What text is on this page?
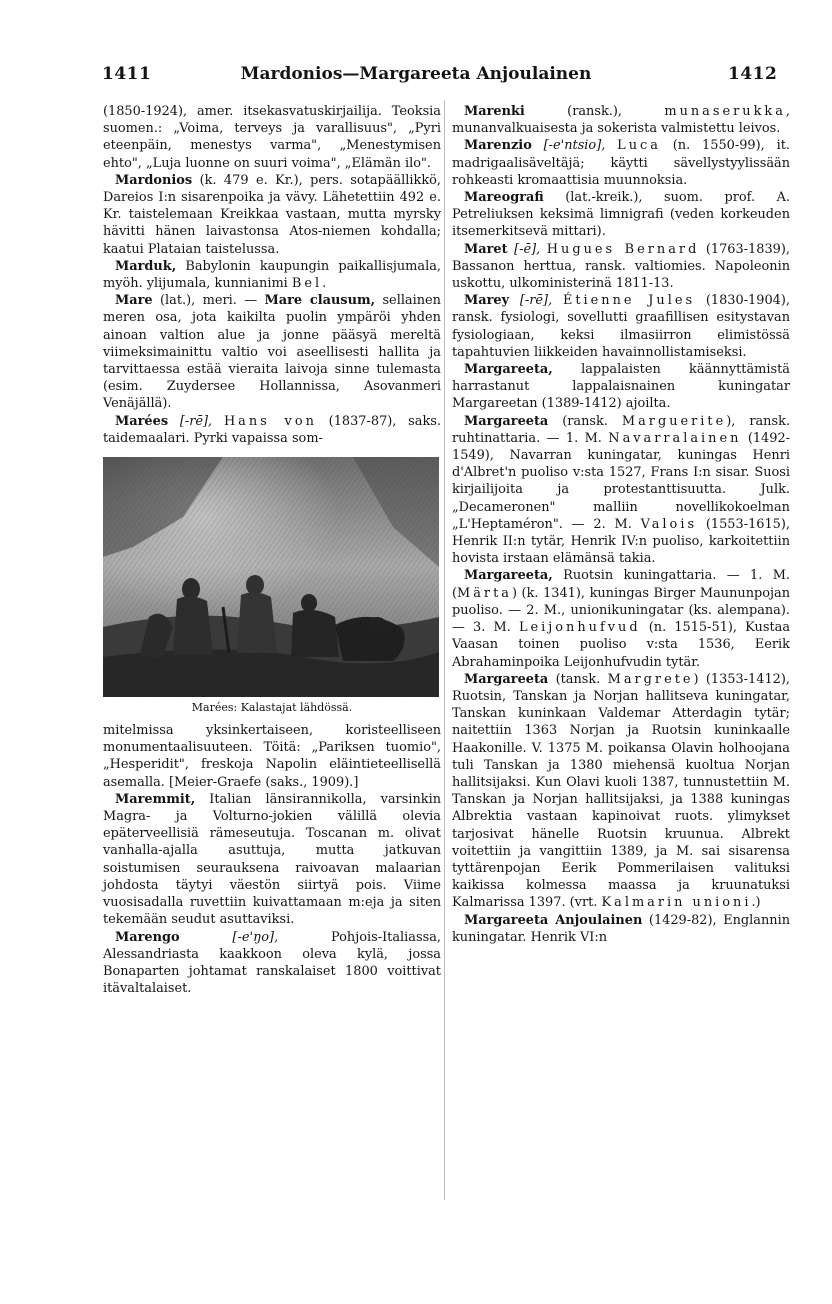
1411	Mardonios—Margareeta Anjoulainen	1412

(1850-1924), amer. itsekasvatuskirjailija. Teoksia suomen.: „Voima, terveys ja varallisuus", „Pyri eteenpäin, menestys varma", „Menestymisen ehto", „Luja luonne on suuri voima", „Elämän ilo".

Mardonios (k. 479 e. Kr.), pers. sotapäällikkö, Dareios I:n sisarenpoika ja vävy. Lähetettiin 492 e. Kr. taistelemaan Kreikkaa vastaan, mutta myrsky hävitti hänen laivastonsa Atos-niemen kohdalla; kaatui Plataian taistelussa.

Marduk, Babylonin kaupungin paikallisjumala, myöh. ylijumala, kunnianimi Bel.

Mare (lat.), meri. — Mare clausum, sellainen meren osa, jota kaikilta puolin ympäröi yhden ainoan valtion alue ja jonne pääsyä mereltä viimeksimainittu valtio voi aseellisesti hallita ja tarvittaessa estää vieraita laivoja sinne tulemasta (esim. Zuydersee Hollannissa, Asovanmeri Venäjällä).

Marées [-rē], Hans von (1837-87), saks. taidemaalari. Pyrki vapaissa som-

Marées: Kalastajat lähdössä.

mitelmissa yksinkertaiseen, koristeelliseen monumentaalisuuteen. Töitä: „Pariksen tuomio", „Hesperidit", freskoja Napolin eläintieteellisellä asemalla. [Meier-Graefe (saks., 1909).]

Maremmit, Italian länsirannikolla, varsinkin Magra- ja Volturno-jokien välillä olevia epäterveellisiä rämeseutuja. Toscanan m. olivat vanhalla-ajalla asuttuja, mutta jatkuvan soistumisen seurauksena raivoavan malaarian johdosta täytyi väestön siirtyä pois. Viime vuosisadalla ruvettiin kuivattamaan m:eja ja siten tekemään seudut asuttaviksi.

Marengo [-e'ŋo], Pohjois-Italiassa, Alessandriasta kaakkoon oleva kylä, jossa Bonaparten johtamat ranskalaiset 1800 voittivat itävaltalaiset.

Marenki (ransk.), munaserukka, munanvalkuaisesta ja sokerista valmistettu leivos.

Marenzio [-e'ntsio], Luca (n. 1550-99), it. madrigaalisäveltäjä; käytti sävellystyylissään rohkeasti kromaattisia muunnoksia.

Mareografi (lat.-kreik.), suom. prof. A. Petreliuksen keksimä limnigrafi (veden korkeuden itsemerkitsevä mittari).

Maret [-ē], Hugues Bernard (1763-1839), Bassanon herttua, ransk. valtiomies. Napoleonin uskottu, ulkoministerinä 1811-13.

Marey [-rē], Étienne Jules (1830-1904), ransk. fysiologi, sovellutti graafillisen esitystavan fysiologiaan, keksi ilmasiirron elimistössä tapahtuvien liikkeiden havainnollistamiseksi.

Margareeta, lappalaisten käännyttämistä harrastanut lappalaisnainen kuningatar Margareetan (1389-1412) ajoilta.

Margareeta (ransk. Marguerite), ransk. ruhtinattaria. — 1. M. Navarralainen (1492-1549), Navarran kuningatar, kuningas Henri d'Albret'n puoliso v:sta 1527, Frans I:n sisar. Suosi kirjailijoita ja protestanttisuutta. Julk. „Decameronen" malliin novellikokoelman „L'Heptaméron". — 2. M. Valois (1553-1615), Henrik II:n tytär, Henrik IV:n puoliso, karkoitettiin hovista irstaan elämänsä takia.

Margareeta, Ruotsin kuningattaria. — 1. M. (Märta) (k. 1341), kuningas Birger Maununpojan puoliso. — 2. M., unionikuningatar (ks. alempana). — 3. M. Leijonhufvud (n. 1515-51), Kustaa Vaasan toinen puoliso v:sta 1536, Eerik Abrahaminpoika Leijonhufvudin tytär.

Margareeta (tansk. Margrete) (1353-1412), Ruotsin, Tanskan ja Norjan hallitseva kuningatar, Tanskan kuninkaan Valdemar Atterdagin tytär; naitettiin 1363 Norjan ja Ruotsin kuninkaalle Haakonille. V. 1375 M. poikansa Olavin holhoojana tuli Tanskan ja 1380 miehensä kuoltua Norjan hallitsijaksi. Kun Olavi kuoli 1387, tunnustettiin M. Tanskan ja Norjan hallitsijaksi, ja 1388 kuningas Albrektia vastaan kapinoivat ruots. ylimykset tarjosivat hänelle Ruotsin kruunua. Albrekt voitettiin ja vangittiin 1389, ja M. sai sisarensa tyttärenpojan Eerik Pommerilaisen valituksi kaikissa kolmessa maassa ja kruunatuksi Kalmarissa 1397. (vrt. Kalmarin unioni.)

Margareeta Anjoulainen (1429-82), Englannin kuningatar. Henrik VI:n
